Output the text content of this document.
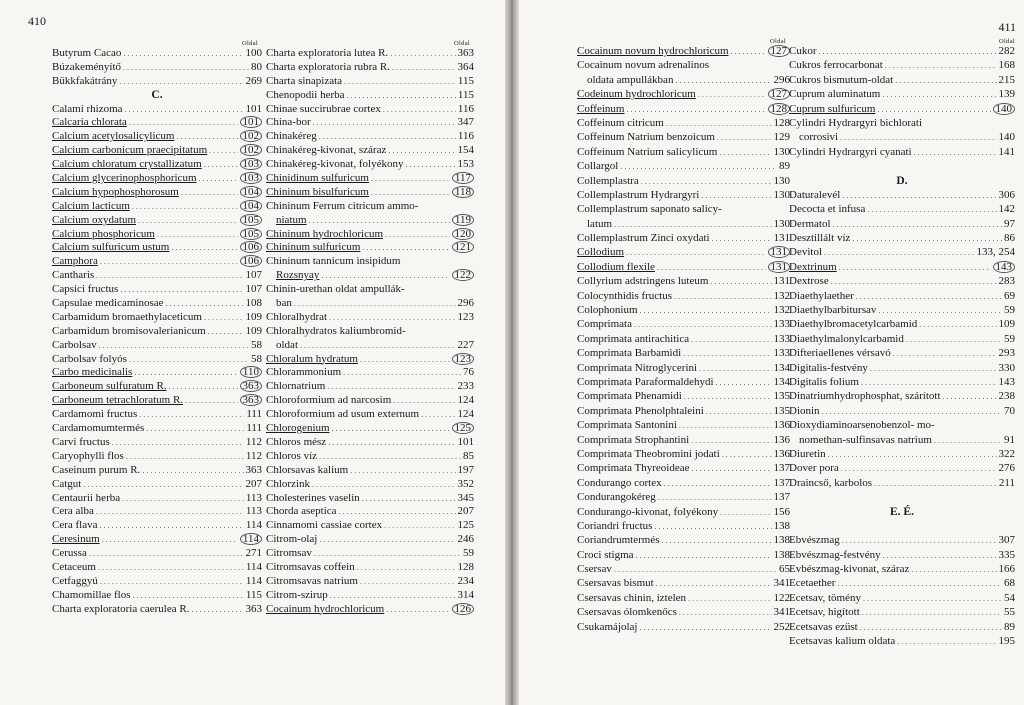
410
Oldal
Butyrum Cacao .....	100
Búzakeményítő .....	80
Bükkfakátrány .....	269
C.
Calami rhizoma .....	101
Calcaria chlorata .....	101
Calcium acetylosalicylicum .....	102
Calcium carbonicum praecipitatum .....	102
Calcium chloratum crystallizatum .....	103
Calcium glycerinophosphoricum .....	103
Calcium hypophosphorosum .....	104
Calcium lacticum .....	104
Calcium oxydatum .....	105
Calcium phosphoricum .....	105
Calcium sulfuricum ustum .....	106
Camphora .....	106
Cantharis .....	107
Capsici fructus .....	107
Capsulae medicaminosae .....	108
Carbamidum bromaethylaceticum .....	109
Carbamidum bromisovalerianicum .....	109
Carbolsav .....	58
Carbolsav folyós .....	58
Carbo medicinalis .....	110
Carboneum sulfuratum R. .....	363
Carboneum tetrachloratum R. .....	363
Cardamomi fructus .....	111
Cardamomumtermés .....	111
Carvi fructus .....	112
Caryophylli flos .....	112
Caseinum purum R. .....	363
Catgut .....	207
Centaurii herba .....	113
Cera alba .....	113
Cera flava .....	114
Ceresinum .....	114
Cerussa .....	271
Cetaceum .....	114
Cetfaggyú .....	114
Chamomillae flos .....	115
Charta exploratoria caerulea R. .....	363
Oldal
Charta exploratoria lutea R. .....	363
Charta exploratoria rubra R. .....	364
Charta sinapizata .....	115
Chenopodii herba .....	115
Chinae succirubrae cortex .....	116
China-bor .....	347
Chinakéreg .....	116
Chinakéreg-kivonat, száraz .....	154
Chinakéreg-kivonat, folyékony .....	153
Chinidinum sulfuricum .....	117
Chininum bisulfuricum .....	118
Chininum Ferrum citricum ammo-
niatum .....	119
Chininum hydrochloricum .....	120
Chininum sulfuricum .....	121
Chininum tannicum insipidum
Rozsnyay .....	122
Chinin-urethan oldat ampullák-
ban .....	296
Chloralhydrat .....	123
Chloralhydratos kaliumbromid-
oldat .....	227
Chloralum hydratum .....	123
Chlorammonium .....	76
Chlornatrium .....	233
Chloroformium ad narcosim .....	124
Chloroformium ad usum externum .....	124
Chlorogenium .....	125
Chloros mész .....	101
Chloros víz .....	85
Chlorsavas kalium .....	197
Chlorzink .....	352
Cholesterines vaselin .....	345
Chorda aseptica .....	207
Cinnamomi cassiae cortex .....	125
Citrom-olaj .....	246
Citromsav .....	59
Citromsavas coffein .....	128
Citromsavas natrium .....	234
Citrom-szirup .....	314
Cocainum hydrochloricum .....	126
411
Oldal
Cocainum novum hydrochloricum .....	127
Cocainum novum adrenalinos
oldata ampullákban .....	296
Codeinum hydrochloricum .....	127
Coffeinum .....	128
Coffeinum citricum .....	128
Coffeinum Natrium benzoicum .....	129
Coffeinum Natrium salicylicum .....	130
Collargol .....	89
Collemplastra .....	130
Collemplastrum Hydrargyri .....	130
Collemplastrum saponato salicy-
latum .....	130
Collemplastrum Zinci oxydati .....	131
Collodium .....	131
Collodium flexile .....	131
Collyrium adstringens luteum .....	131
Colocynthidis fructus .....	132
Colophonium .....	132
Comprimata .....	133
Comprimata antirachitica .....	133
Comprimata Barbamidi .....	133
Comprimata Nitroglycerini .....	134
Comprimata Paraformaldehydi .....	134
Comprimata Phenamidi .....	135
Comprimata Phenolphtaleini .....	135
Comprimata Santonini .....	136
Comprimata Strophantini .....	136
Comprimata Theobromini jodati .....	136
Comprimata Thyreoideae .....	137
Condurango cortex .....	137
Condurangokéreg .....	137
Condurango-kivonat, folyékony .....	156
Coriandri fructus .....	138
Coriandrumtermés .....	138
Croci stigma .....	138
Csersav .....	65
Csersavas bismut .....	341
Csersavas chinin, iztelen .....	122
Csersavas ólomkenőcs .....	341
Csukamájolaj .....	252
Oldal
Cukor .....	282
Cukros ferrocarbonat .....	168
Cukros bismutum-oldat .....	215
Cuprum aluminatum .....	139
Cuprum sulfuricum .....	140
Cylindri Hydrargyri bichlorati
corrosivi .....	140
Cylindri Hydrargyri cyanati .....	141
D.
Daturalevél .....	306
Decocta et infusa .....	142
Dermatol .....	97
Desztillált víz .....	86
Devitol .....	133, 254
Dextrinum .....	143
Dextrose .....	283
Diaethylaether .....	69
Diaethylbarbitursav .....	59
Diaethylbromacetylcarbamid .....	109
Diaethylmalonylcarbamid .....	59
Difteriaellenes vérsavó .....	293
Digitalis-festvény .....	330
Digitalis folium .....	143
Dinatriumhydrophosphat, szárított .....	238
Dionin .....	70
Dioxydiaminoarsenobenzol- mo-
nomethan-sulfinsavas natrium .....	91
Diuretin .....	322
Dover pora .....	276
Draincső, karbolos .....	211
E. É.
Ebvészmag .....	307
Ebvészmag-festvény .....	335
Evbészmag-kivonat, száraz .....	166
Ecetaether .....	68
Ecetsav, tömény .....	54
Ecetsav, higított .....	55
Ecetsavas ezüst .....	89
Ecetsavas kalium oldata .....	195
